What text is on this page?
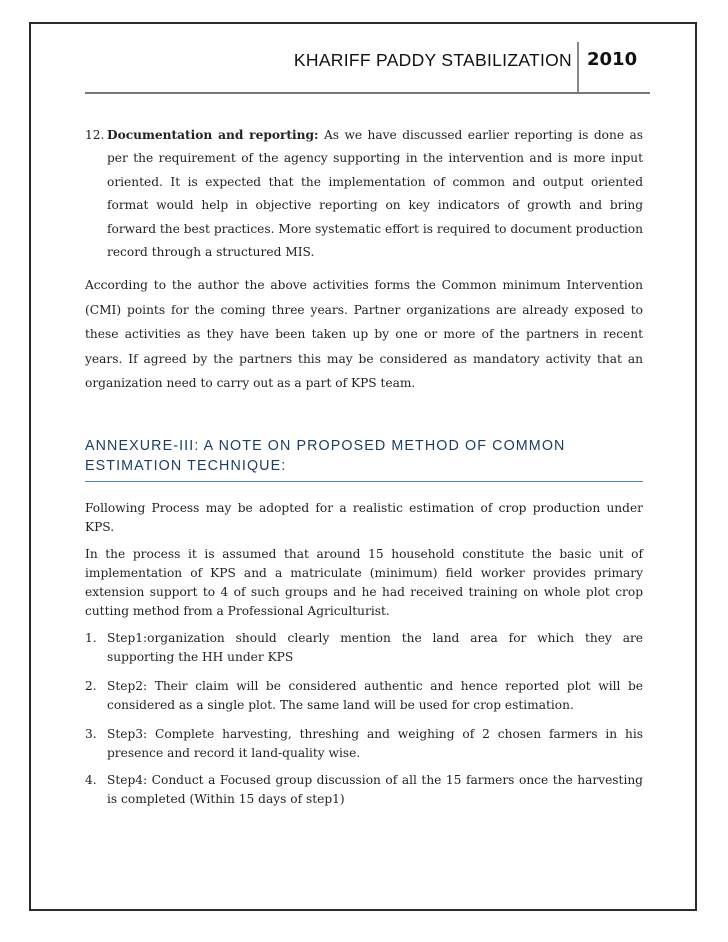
KHARIFF PADDY STABILIZATION 2010
12. Documentation and reporting: As we have discussed earlier reporting is done as per the requirement of the agency supporting in the intervention and is more input oriented. It is expected that the implementation of common and output oriented format would help in objective reporting on key indicators of growth and bring forward the best practices. More systematic effort is required to document production record through a structured MIS.
According to the author the above activities forms the Common minimum Intervention (CMI) points for the coming three years. Partner organizations are already exposed to these activities as they have been taken up by one or more of the partners in recent years. If agreed by the partners this may be considered as mandatory activity that an organization need to carry out as a part of KPS team.
ANNEXURE-III: A NOTE ON PROPOSED METHOD OF COMMON
ESTIMATION TECHNIQUE:
Following Process may be adopted for a realistic estimation of crop production under KPS.
In the process it is assumed that around 15 household constitute the basic unit of implementation of KPS and a matriculate (minimum) field worker provides primary extension support to 4 of such groups and he had received training on whole plot crop cutting method from a Professional Agriculturist.
1. Step1:organization should clearly mention the land area for which they are supporting the HH under KPS
2. Step2: Their claim will be considered authentic and hence reported plot will be considered as a single plot. The same land will be used for crop estimation.
3. Step3: Complete harvesting, threshing and weighing of 2 chosen farmers in his presence and record it land-quality wise.
4. Step4: Conduct a Focused group discussion of all the 15 farmers once the harvesting is completed (Within 15 days of step1)
